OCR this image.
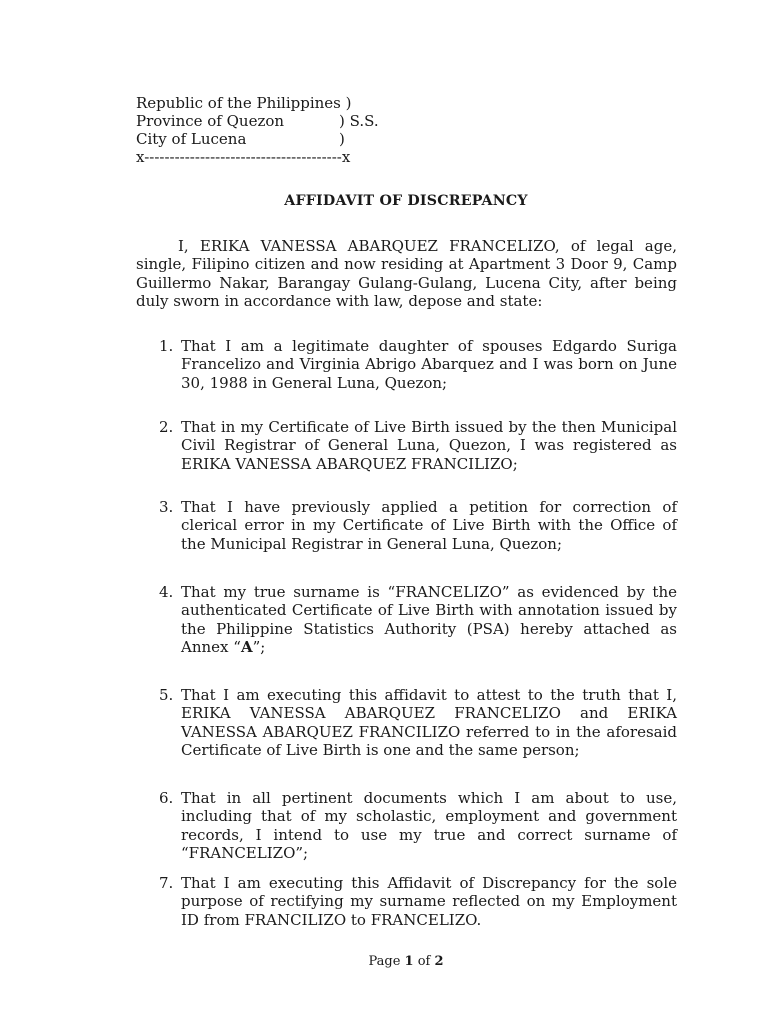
Republic of the Philippines )
Province of Quezon	) S.S.
City of Lucena	)
x---------------------------------------x
AFFIDAVIT OF DISCREPANCY

I, ERIKA VANESSA ABARQUEZ FRANCELIZO, of legal age, single, Filipino citizen and now residing at Apartment 3 Door 9, Camp Guillermo Nakar, Barangay Gulang-Gulang, Lucena City, after being duly sworn in accordance with law, depose and state:

1. That I am a legitimate daughter of spouses Edgardo Suriga Francelizo and Virginia Abrigo Abarquez and I was born on June 30, 1988 in General Luna, Quezon;
2. That in my Certificate of Live Birth issued by the then Municipal Civil Registrar of General Luna, Quezon, I was registered as ERIKA VANESSA ABARQUEZ FRANCILIZO;
3. That I have previously applied a petition for correction of clerical error in my Certificate of Live Birth with the Office of the Municipal Registrar in General Luna, Quezon;
4. That my true surname is “FRANCELIZO” as evidenced by the authenticated Certificate of Live Birth with annotation issued by the Philippine Statistics Authority (PSA) hereby attached as Annex “A”;
5. That I am executing this affidavit to attest to the truth that I, ERIKA VANESSA ABARQUEZ FRANCELIZO and ERIKA VANESSA ABARQUEZ FRANCILIZO referred to in the aforesaid Certificate of Live Birth is one and the same person;
6. That in all pertinent documents which I am about to use, including that of my scholastic, employment and government records, I intend to use my true and correct surname of “FRANCELIZO”;
7. That I am executing this Affidavit of Discrepancy for the sole purpose of rectifying my surname reflected on my Employment ID from FRANCILIZO to FRANCELIZO.
Page 1 of 2
